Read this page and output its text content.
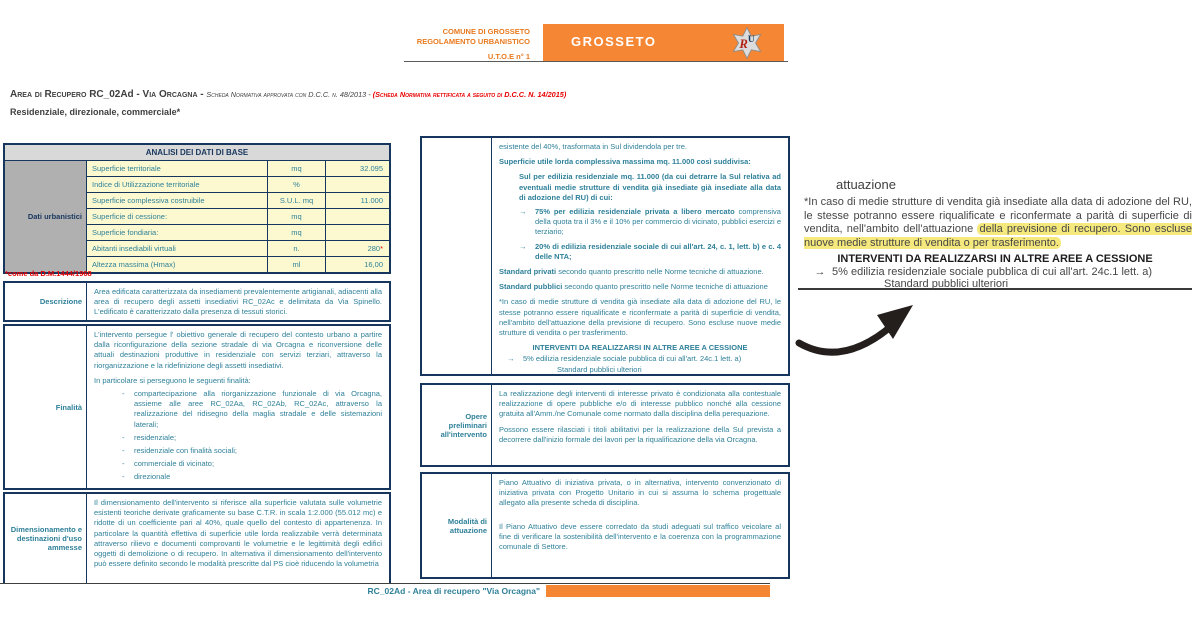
COMUNE DI GROSSETO
REGOLAMENTO URBANISTICO
U.T.O.E n° 1
GROSSETO	R U
Area di Recupero RC_02Ad - Via Orcagna - Scheda Normativa approvata con D.C.C. n. 48/2013 - (Scheda Normativa rettificata a seguito di D.C.C. N. 14/2015)
Residenziale, direzionale, commerciale*
ANALISI DEI DATI DI BASE
Dati urbanistici
Superficie territoriale	mq	32.095
Indice di Utilizzazione territoriale	%
Superficie complessiva costruibile	S.U.L. mq	11.000
Superficie di cessione:	mq
Superficie fondiaria:	mq
Abitanti insediabili virtuali	n.	280 *
Altezza massima (Hmax)	ml	16,00
*come da D.M.1444/1968
Descrizione

Area edificata caratterizzata da insediamenti prevalentemente artigianali, adiacenti alla area di recupero degli assetti insediativi RC_02Ac e delimitata da Via Spinello. L'edificato è caratterizzato dalla presenza di tessuti storici.

Finalità

L'intervento persegue l' obiettivo generale di recupero del contesto urbano a partire dalla riconfigurazione della sezione stradale di via Orcagna e riconversione delle attuali destinazioni produttive in residenziale con servizi terziari, attraverso la riorganizzazione e la ridefinizione degli assetti insediativi.

In particolare si perseguono le seguenti finalità:

-	compartecipazione alla riorganizzazione funzionale di via Orcagna, assieme alle aree RC_02Aa, RC_02Ab, RC_02Ac, attraverso la realizzazione del ridisegno della maglia stradale e delle sistemazioni laterali;
-	residenziale;
-	residenziale con finalità sociali;
-	commerciale di vicinato;
-	direzionale
Dimensionamento e destinazioni d'uso ammesse

Il dimensionamento dell'intervento si riferisce alla superficie valutata sulle volumetrie esistenti teoriche derivate graficamente su base C.T.R. in scala 1:2.000 (55.012 mc) e ridotte di un coefficiente pari al 40%, quale quello del contesto di appartenenza. In particolare la quantità effettiva di superficie utile lorda realizzabile verrà determinata attraverso rilievo e documenti comprovanti le volumetrie e le legittimità degli edifici oggetti di demolizione o di recupero. In alternativa il dimensionamento dell'intervento può essere definito secondo le modalità prescritte dal PS cioè riducendo la volumetria

esistente del 40%, trasformata in Sul dividendola per tre.

Superficie utile lorda complessiva massima mq. 11.000 così suddivisa:

Sul per edilizia residenziale mq. 11.000 (da cui detrarre la Sul relativa ad eventuali medie strutture di vendita già insediate già insediate alla data di adozione del RU) di cui:

→	75% per edilizia residenziale privata a libero mercato comprensiva della quota tra il 3% e il 10% per commercio di vicinato, pubblici esercizi e terziario;
→	20% di edilizia residenziale sociale di cui all'art. 24, c. 1, lett. b) e c. 4 delle NTA;

Standard privati secondo quanto prescritto nelle Norme tecniche di attuazione.

Standard pubblici secondo quanto prescritto nelle Norme tecniche di attuazione

*In caso di medie strutture di vendita già insediate alla data di adozione del RU, le stesse potranno essere riqualificate e riconfermate a parità di superficie di vendita, nell'ambito dell'attuazione della previsione di recupero. Sono escluse nuove medie strutture di vendita o per trasferimento.

INTERVENTI DA REALIZZARSI IN ALTRE AREE A CESSIONE

→	5% edilizia residenziale sociale pubblica di cui all'art. 24c.1 lett. a)

Standard pubblici ulteriori

Opere preliminari all'intervento

La realizzazione degli interventi di interesse privato è condizionata alla contestuale realizzazione di opere pubbliche e/o di interesse pubblico nonché alla cessione gratuita all'Amm./ne Comunale come normato dalla disciplina della perequazione.

Possono essere rilasciati i titoli abilitativi per la realizzazione della Sul prevista a decorrere dall'inizio formale dei lavori per la riqualificazione della via Orcagna.

Modalità di attuazione

Piano Attuativo di iniziativa privata, o in alternativa, intervento convenzionato di iniziativa privata con Progetto Unitario in cui si assuma lo schema progettuale allegato alla presente scheda di disciplina.

Il Piano Attuativo deve essere corredato da studi adeguati sul traffico veicolare al fine di verificare la sostenibilità dell'intervento e la coerenza con la programmazione comunale di Settore.

attuazione
*In caso di medie strutture di vendita già insediate alla data di adozione del RU, le stesse potranno essere riqualificate e riconfermate a parità di superficie di vendita, nell'ambito dell'attuazione della previsione di recupero. Sono escluse nuove medie strutture di vendita o per trasferimento.
INTERVENTI DA REALIZZARSI IN ALTRE AREE A CESSIONE
→ 5% edilizia residenziale sociale pubblica di cui all'art. 24c.1 lett. a)
Standard pubblici ulteriori
RC_02Ad - Area di recupero "Via Orcagna"
